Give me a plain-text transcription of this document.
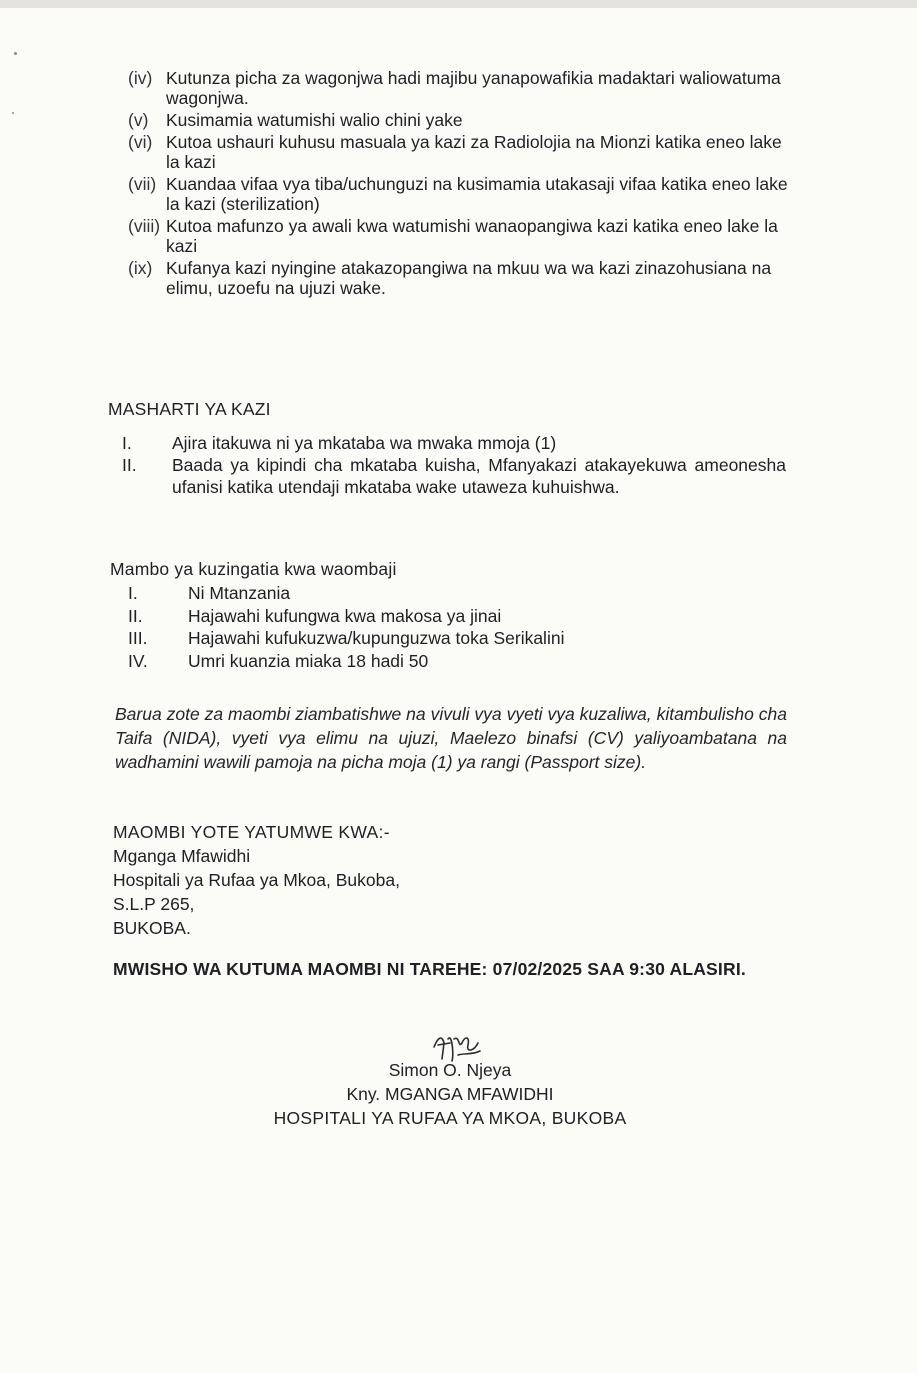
(iv) Kutunza picha za wagonjwa hadi majibu yanapowafikia madaktari waliowatuma wagonjwa.
(v)	Kusimamia watumishi walio chini yake
(vi) Kutoa ushauri kuhusu masuala ya kazi za Radiolojia na Mionzi katika eneo lake la kazi
(vii) Kuandaa vifaa vya tiba/uchunguzi na kusimamia utakasaji vifaa katika eneo lake la kazi (sterilization)
(viii) Kutoa mafunzo ya awali kwa watumishi wanaopangiwa kazi katika eneo lake la kazi
(ix) Kufanya kazi nyingine atakazopangiwa na mkuu wa wa kazi zinazohusiana na elimu, uzoefu na ujuzi wake.
MASHARTI YA KAZI
I.	Ajira itakuwa ni ya mkataba wa mwaka mmoja (1)
II.	Baada ya kipindi cha mkataba kuisha, Mfanyakazi atakayekuwa ameonesha ufanisi katika utendaji mkataba wake utaweza kuhuishwa.
Mambo ya kuzingatia kwa waombaji
I.	Ni Mtanzania
II.	Hajawahi kufungwa kwa makosa ya jinai
III.	Hajawahi kufukuzwa/kupunguzwa toka Serikalini
IV.	Umri kuanzia miaka 18 hadi 50
Barua zote za maombi ziambatishwe na vivuli vya vyeti vya kuzaliwa, kitambulisho cha Taifa (NIDA), vyeti vya elimu na ujuzi, Maelezo binafsi (CV) yaliyoambatana na wadhamini wawili pamoja na picha moja (1) ya rangi (Passport size).
MAOMBI YOTE YATUMWE KWA:-
Mganga Mfawidhi
Hospitali ya Rufaa ya Mkoa, Bukoba,
S.L.P 265,
BUKOBA.
MWISHO WA KUTUMA MAOMBI NI TAREHE: 07/02/2025 SAA 9:30 ALASIRI.
Simon O. Njeya
Kny. MGANGA MFAWIDHI
HOSPITALI YA RUFAA YA MKOA, BUKOBA
